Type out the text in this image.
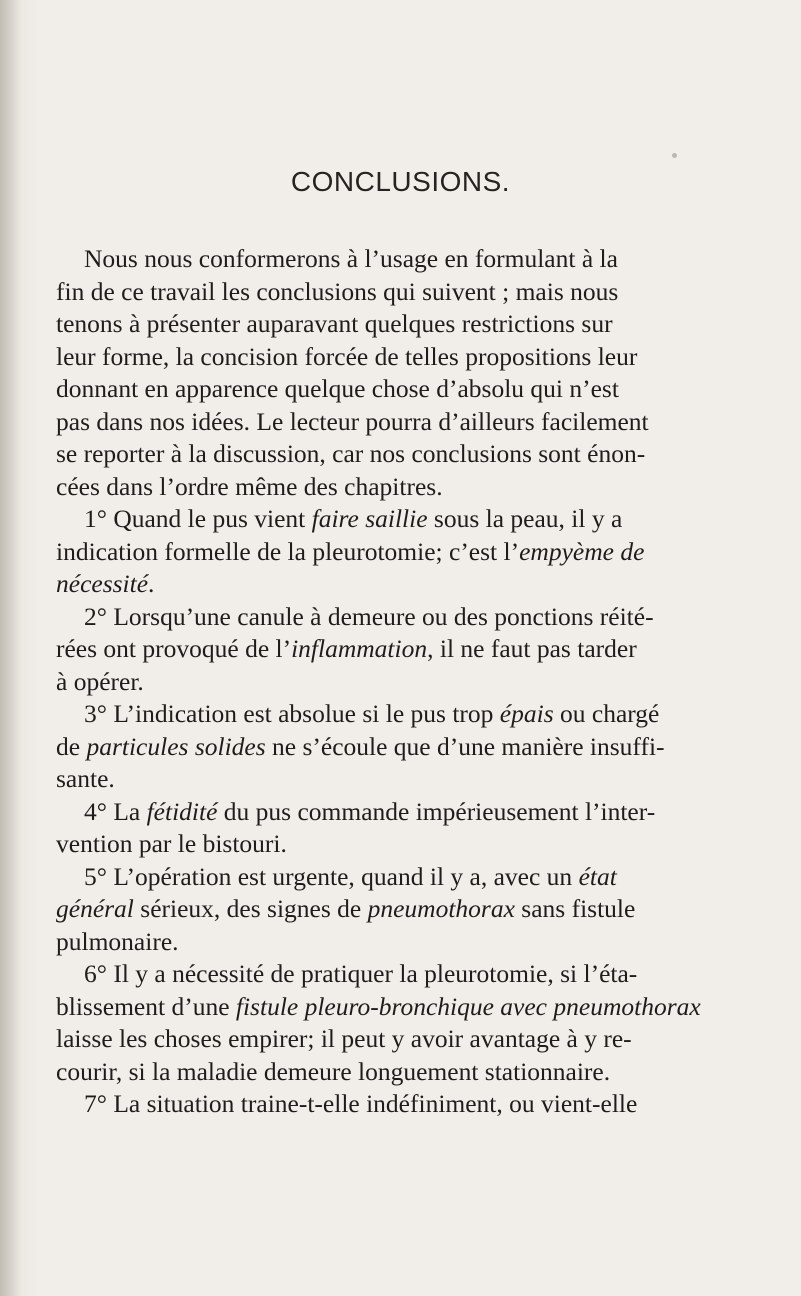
CONCLUSIONS.
Nous nous conformerons à l’usage en formulant à la
fin de ce travail les conclusions qui suivent ; mais nous
tenons à présenter auparavant quelques restrictions sur
leur forme, la concision forcée de telles propositions leur
donnant en apparence quelque chose d’absolu qui n’est
pas dans nos idées. Le lecteur pourra d’ailleurs facilement
se reporter à la discussion, car nos conclusions sont énon-
cées dans l’ordre même des chapitres.
1° Quand le pus vient faire saillie sous la peau, il y a
indication formelle de la pleurotomie; c’est l’ empyème de
nécessité .
2° Lorsqu’une canule à demeure ou des ponctions réité-
rées ont provoqué de l’ inflammation , il ne faut pas tarder
à opérer.
3° L’indication est absolue si le pus trop épais ou chargé
de particules solides ne s’écoule que d’une manière insuffi-
sante.
4° La fétidité du pus commande impérieusement l’inter-
vention par le bistouri.
5° L’opération est urgente, quand il y a, avec un état
général sérieux, des signes de pneumothorax sans fistule
pulmonaire.
6° Il y a nécessité de pratiquer la pleurotomie, si l’éta-
blissement d’une fistule pleuro-bronchique avec pneumothorax
laisse les choses empirer; il peut y avoir avantage à y re-
courir, si la maladie demeure longuement stationnaire.
7° La situation traine-t-elle indéfiniment, ou vient-elle
